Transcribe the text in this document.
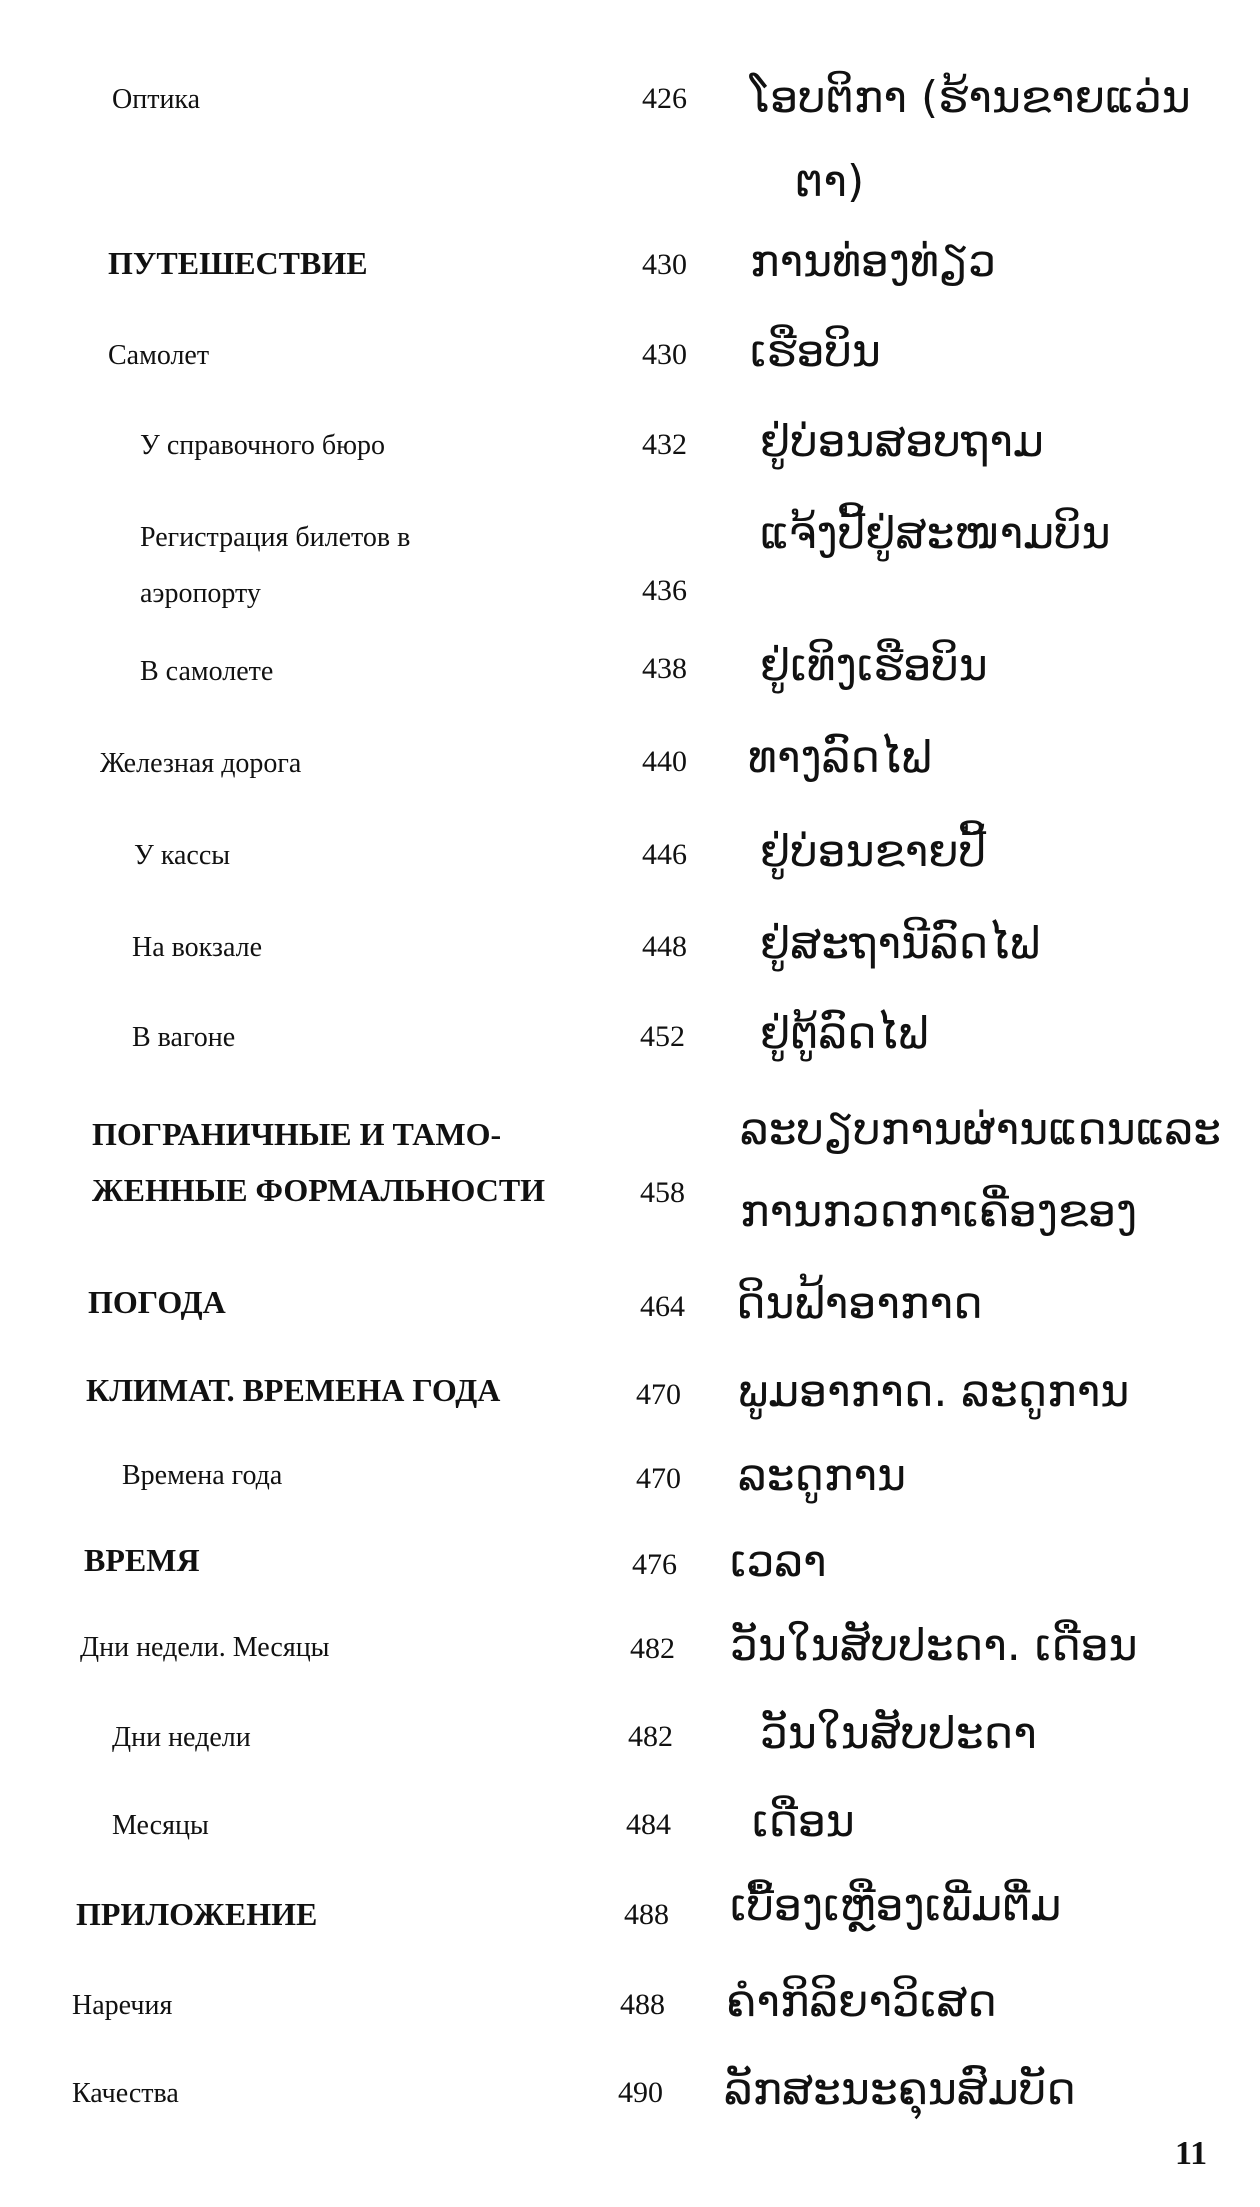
Оптика	426 ໂອບຕິກາ (ຮ້ານຂາຍແວ່ນ
ຕາ)
ПУТЕШЕСТВИЕ	430 ການທ່ອງທ່ຽວ
Самолет	430 ເຮືອບິນ
У справочного бюро	432 ຢູ່ບ່ອນສອບຖາມ
Регистрация билетов в	ແຈ້ງປີ້ຢູ່ສະໜາມບິນ
аэропорту	436
В самолете	438 ຢູ່ເທິງເຮືອບິນ
Железная дорога	440 ທາງລົດໄຟ
У кассы	446 ຢູ່ບ່ອນຂາຍປີ້
На вокзале	448 ຢູ່ສະຖານີລົດໄຟ
В вагоне	452 ຢູ່ຕູ້ລົດໄຟ
ПОГРАНИЧНЫЕ И ТАМО-	ລະບຽບການຜ່ານແດນແລະ
ЖЕННЫЕ ФОРМАЛЬНОСТИ	458 ການກວດກາເຄື່ອງຂອງ
ПОГОДА	464 ດິນຟ້າອາກາດ
КЛИМАТ. ВРЕМЕНА ГОДА	470 ພູມອາກາດ. ລະດູການ
Времена года	470 ລະດູການ
ВРЕМЯ	476 ເວລາ
Дни недели. Месяцы	482 ວັນໃນສັບປະດາ. ເດືອນ
Дни недели	482 ວັນໃນສັບປະດາ
Месяцы	484 ເດືອນ
ПРИЛОЖЕНИЕ	488 ເບື້ອງເຫຼືອງເພີ່ມຕື່ມ
Наречия	488 ຄຳກິລິຍາວິເສດ
Качества	490 ລັກສະນະຄຸນສົມບັດ
11
